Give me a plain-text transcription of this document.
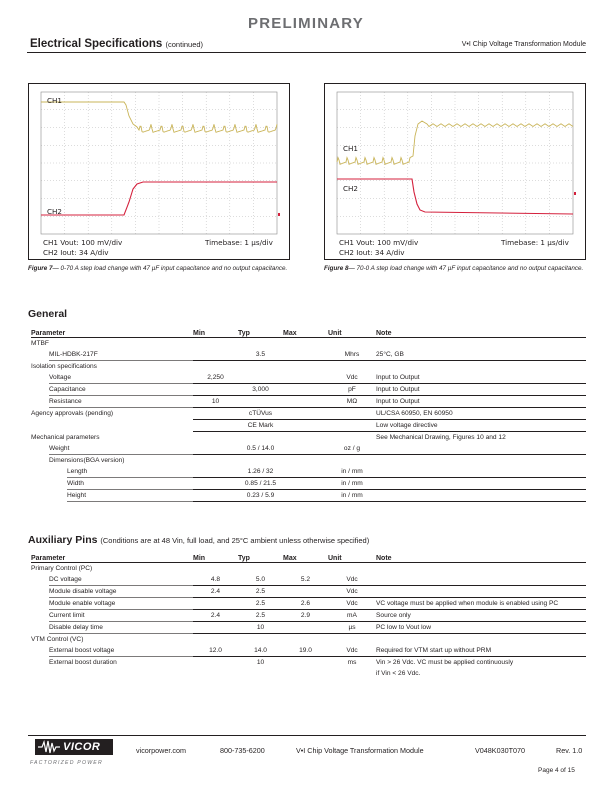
PRELIMINARY
Electrical Specifications (continued)	V•I Chip Voltage Transformation Module
CH1
CH2
CH1 Vout: 100 mV/div
CH2 Iout: 34 A/div
Timebase: 1 µs/div
Figure 7— 0-70 A step load change with 47 µF input capacitance and no output capacitance.
CH1
CH2
CH1 Vout: 100 mV/div
CH2 Iout: 34 A/div
Timebase: 1 µs/div
Figure 8— 70-0 A step load change with 47 µF input capacitance and no output capacitance.
General
Parameter	Min	Typ	Max	Unit	Note
MTBF					
MIL-HDBK-217F		3.5		Mhrs	25°C, GB
Isolation specifications					
Voltage	2,250			Vdc	Input to Output
Capacitance		3,000		pF	Input to Output
Resistance	10			MΩ	Input to Output
Agency approvals (pending)		cTÜVus			UL/CSA 60950, EN 60950
		CE Mark			Low voltage directive
Mechanical parameters					See Mechanical Drawing, Figures 10 and 12
Weight		0.5 / 14.0		oz / g	
Dimensions(BGA version)					
Length		1.26 / 32		in / mm	
Width		0.85 / 21.5		in / mm	
Height		0.23 / 5.9		in / mm	
Auxiliary Pins (Conditions are at 48 Vin, full load, and 25°C ambient unless otherwise specified)
Parameter	Min	Typ	Max	Unit	Note
Primary Control (PC)					
DC voltage	4.8	5.0	5.2	Vdc	
Module disable voltage	2.4	2.5		Vdc	
Module enable voltage		2.5	2.6	Vdc	VC voltage must be applied when module is enabled using PC
Current limit	2.4	2.5	2.9	mA	Source only
Disable delay time		10		µs	PC low to Vout low
VTM Control (VC)					
External boost voltage	12.0	14.0	19.0	Vdc	Required for VTM start up without PRM
External boost duration		10		ms	Vin > 26 Vdc. VC must be applied continuously
					if Vin < 26 Vdc.
VICOR
FACTORIZED POWER
vicorpower.com	800-735-6200	V•I Chip Voltage Transformation Module	V048K030T070	Rev. 1.0
Page 4 of 15
